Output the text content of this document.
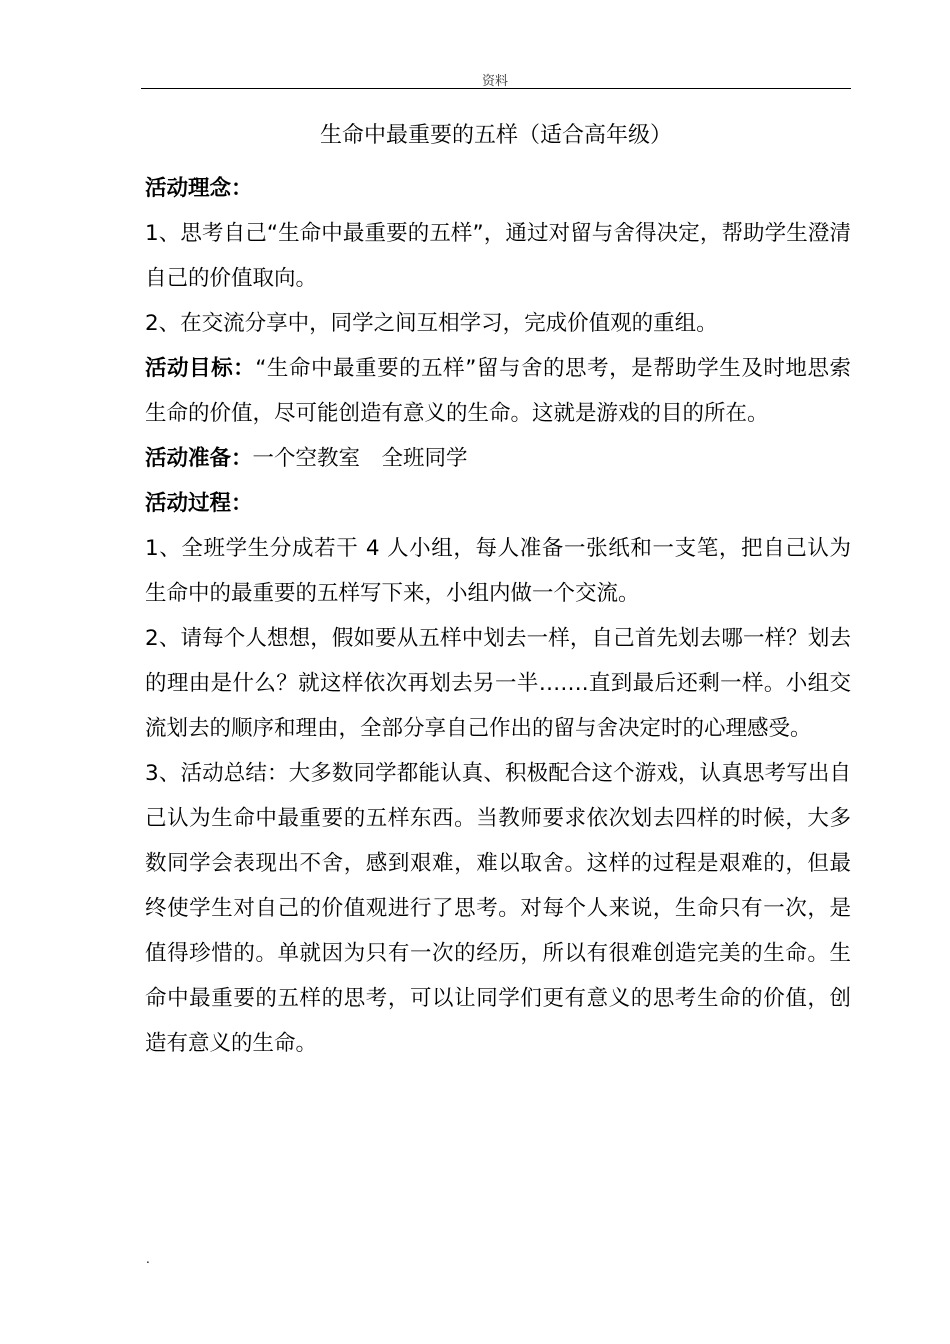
资料
生命中最重要的五样（适合高年级）

活动理念：

1、思考自己“生命中最重要的五样”，通过对留与舍得决定，帮助学生澄清自己的价值取向。

2、在交流分享中，同学之间互相学习，完成价值观的重组。

活动目标：“生命中最重要的五样”留与舍的思考，是帮助学生及时地思索生命的价值，尽可能创造有意义的生命。这就是游戏的目的所在。

活动准备：一个空教室　全班同学

活动过程：

1、全班学生分成若干 4 人小组，每人准备一张纸和一支笔，把自己认为生命中的最重要的五样写下来，小组内做一个交流。

2、请每个人想想，假如要从五样中划去一样，自己首先划去哪一样？划去的理由是什么？就这样依次再划去另一半…….直到最后还剩一样。小组交流划去的顺序和理由，全部分享自己作出的留与舍决定时的心理感受。

3、活动总结：大多数同学都能认真、积极配合这个游戏，认真思考写出自己认为生命中最重要的五样东西。当教师要求依次划去四样的时候，大多数同学会表现出不舍，感到艰难，难以取舍。这样的过程是艰难的，但最终使学生对自己的价值观进行了思考。对每个人来说，生命只有一次，是值得珍惜的。单就因为只有一次的经历，所以有很难创造完美的生命。生命中最重要的五样的思考，可以让同学们更有意义的思考生命的价值，创造有意义的生命。

.
